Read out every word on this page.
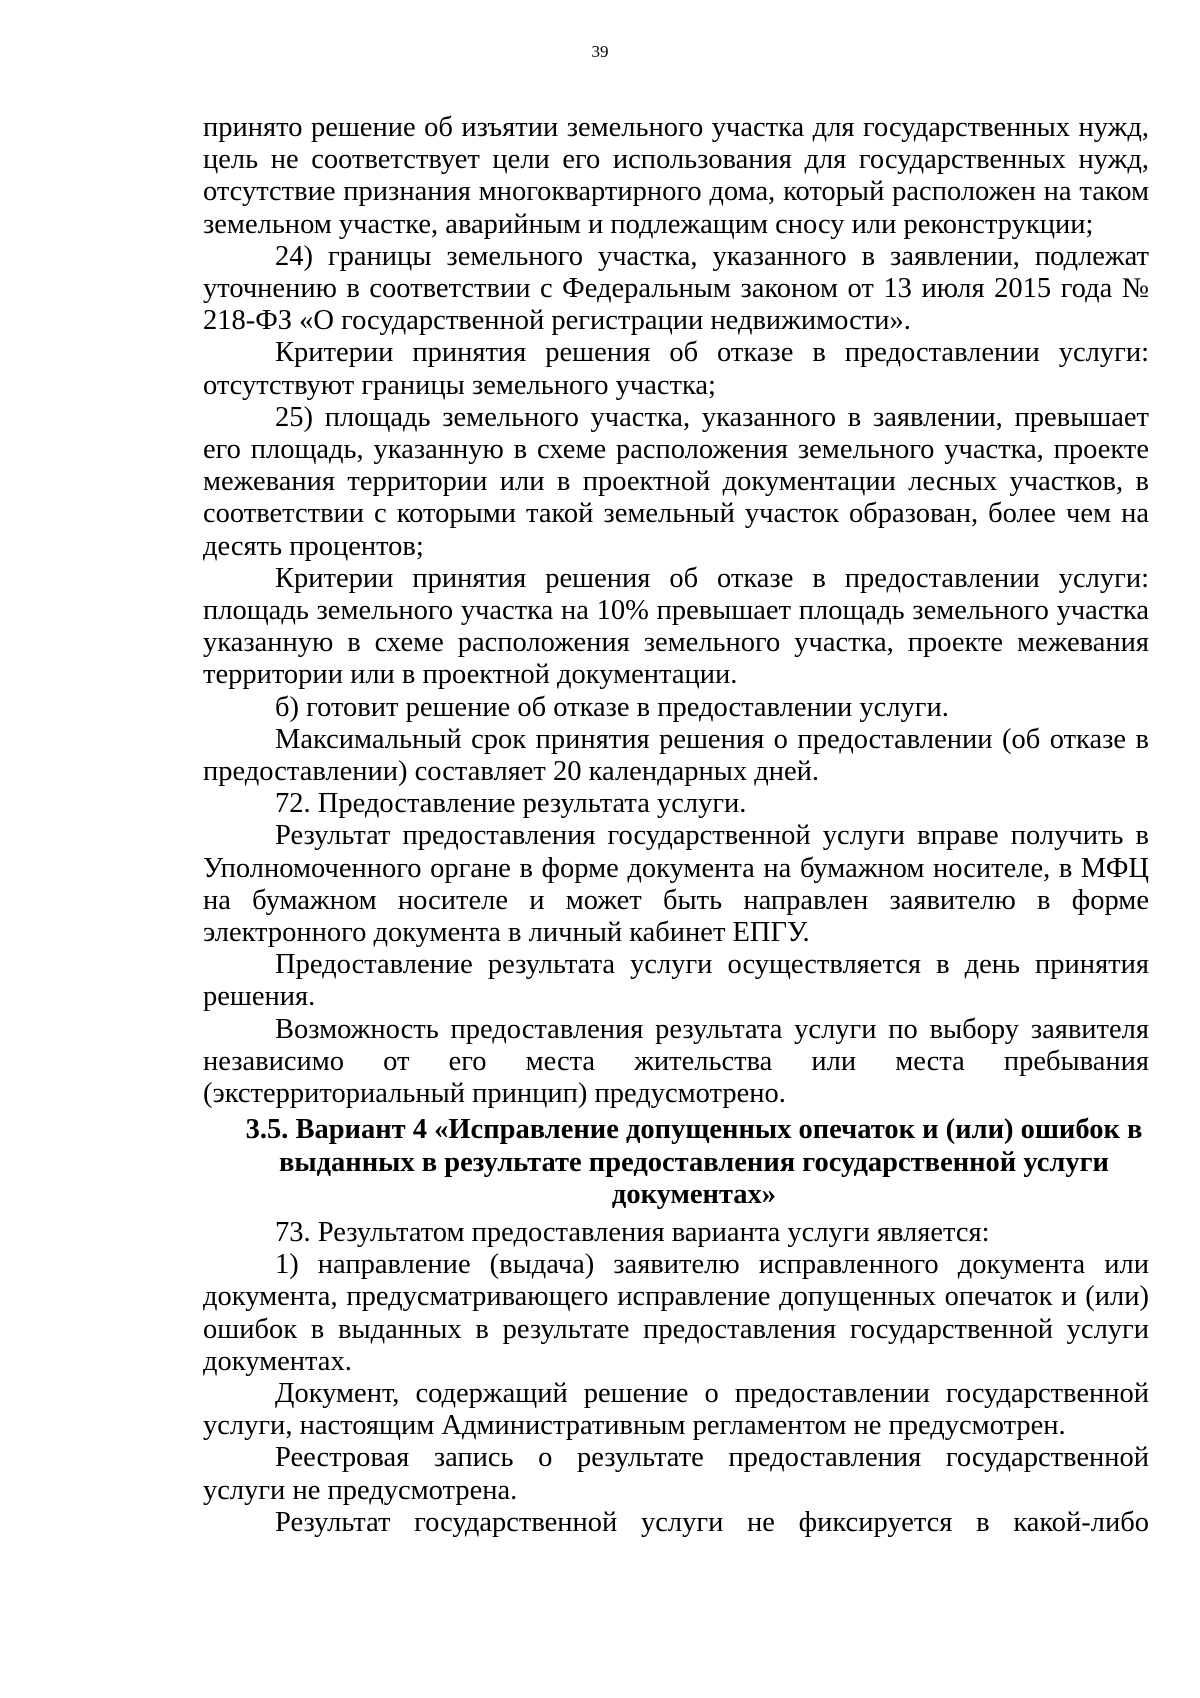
39

принято решение об изъятии земельного участка для государственных нужд, цель не соответствует цели его использования для государственных нужд, отсутствие признания многоквартирного дома, который расположен на таком земельном участке, аварийным и подлежащим сносу или реконструкции;

24) границы земельного участка, указанного в заявлении, подлежат уточнению в соответствии с Федеральным законом от 13 июля 2015 года № 218-ФЗ «О государственной регистрации недвижимости».

Критерии принятия решения об отказе в предоставлении услуги: отсутствуют границы земельного участка;

25) площадь земельного участка, указанного в заявлении, превышает его площадь, указанную в схеме расположения земельного участка, проекте межевания территории или в проектной документации лесных участков, в соответствии с которыми такой земельный участок образован, более чем на десять процентов;

Критерии принятия решения об отказе в предоставлении услуги: площадь земельного участка на 10% превышает площадь земельного участка указанную в схеме расположения земельного участка, проекте межевания территории или в проектной документации.

б) готовит решение об отказе в предоставлении услуги.

Максимальный срок принятия решения о предоставлении (об отказе в предоставлении) составляет 20 календарных дней.

72. Предоставление результата услуги.

Результат предоставления государственной услуги вправе получить в Уполномоченного органе в форме документа на бумажном носителе, в МФЦ на бумажном носителе и может быть направлен заявителю в форме электронного документа в личный кабинет ЕПГУ.

Предоставление результата услуги осуществляется в день принятия решения.

Возможность предоставления результата услуги по выбору заявителя независимо от его места жительства или места пребывания (экстерриториальный принцип) предусмотрено.

3.5. Вариант 4 «Исправление допущенных опечаток и (или) ошибок в выданных в результате предоставления государственной услуги документах»

73. Результатом предоставления варианта услуги является:

1) направление (выдача) заявителю исправленного документа или документа, предусматривающего исправление допущенных опечаток и (или) ошибок в выданных в результате предоставления государственной услуги документах.

Документ, содержащий решение о предоставлении государственной услуги, настоящим Административным регламентом не предусмотрен.

Реестровая запись о результате предоставления государственной услуги не предусмотрена.

Результат государственной услуги не фиксируется в какой-либо
